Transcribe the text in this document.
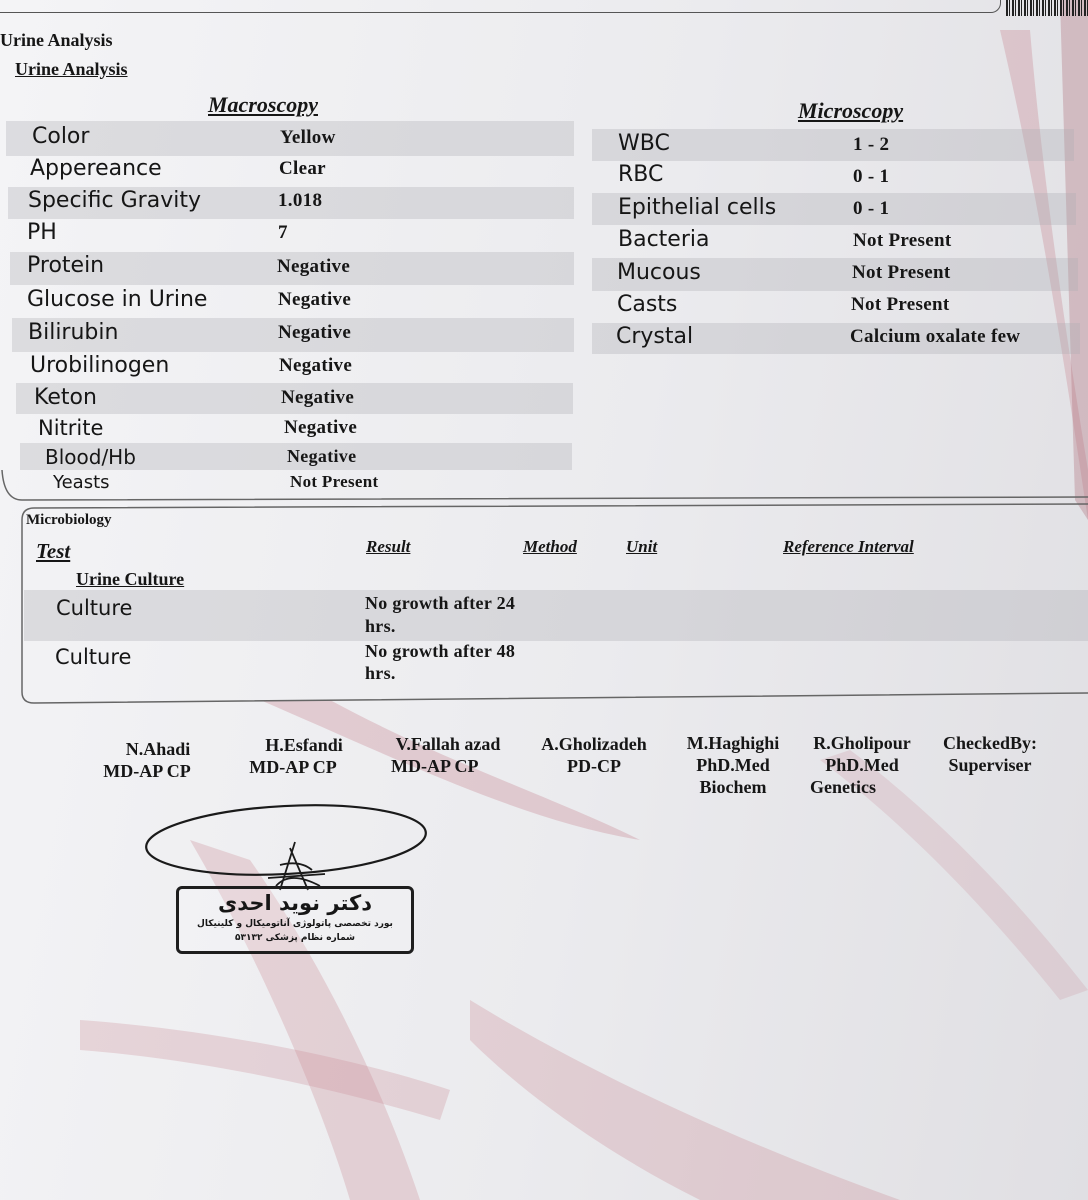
Urine Analysis
Urine Analysis
Macroscopy	Microscopy
Color	Yellow
Appereance	Clear
Specific Gravity	1.018
PH	7
Protein	Negative
Glucose in Urine	Negative
Bilirubin	Negative
Urobilinogen	Negative
Keton	Negative
Nitrite	Negative
Blood/Hb	Negative
Yeasts	Not Present
WBC	1 - 2
RBC	0 - 1
Epithelial cells	0 - 1
Bacteria	Not Present
Mucous	Not Present
Casts	Not Present
Crystal	Calcium oxalate few
Microbiology
Test	Result	Method	Unit	Reference Interval
Urine Culture
Culture	No growth after 24
hrs.
Culture	No growth after 48
hrs.
N.Ahadi
MD-AP CP
H.Esfandi
MD-AP CP
V.Fallah azad
MD-AP CP
A.Gholizadeh
PD-CP
M.Haghighi
PhD.Med
Biochem
R.Gholipour
PhD.Med
Genetics
CheckedBy:
Superviser
دکتر نوید احدی
بورد تخصصی پاتولوژی آناتومیکال و کلینیکال
شماره نظام پزشکی ۵۳۱۳۲
